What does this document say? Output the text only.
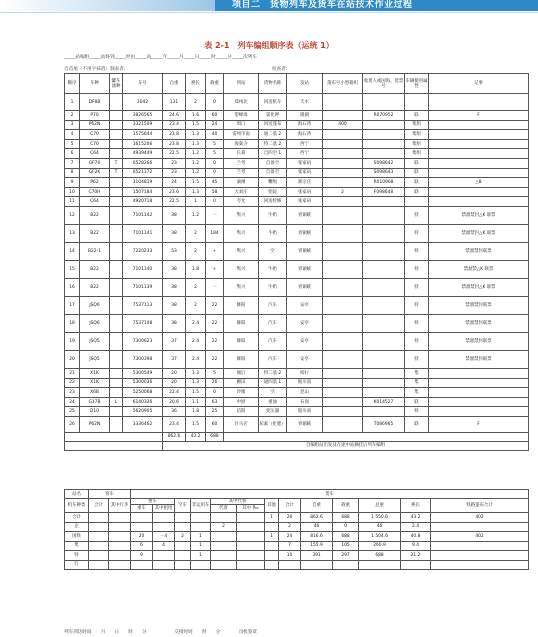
项目二　货物列车及货车在站技术作业过程
表 2-1　列车编组顺序表（运统 1）
_____站编组_____站终到_____经由_____站_____年_____月_____日_____时_____分_____次列车
自首尾（不用字抹消）制表者：	检查者：
顺序	车种	罐车油种	车号	自重	换长	载重	到站	货物名称	发站	蓬布号小型箱织	收货人或国海、货票号	车辆使用属性	记事
1	DF8B		3042	131	2	0	郑州北	回送机车	天水				
2	P70		3826565	24.6	1.6	60	望峰岗	氯化钾	隆湖		R070952	联	F
3	P62N		3321509	23.4	1.5	24	周口	回送蓬布	海石湾	400		集组	
4	C70		1575644	23.8	1.3	40	雷州市南	通二基 2	海石湾			集组	
5	C70		1615206	23.8	1.3	5	海棠寺	特二基 2	西宁			集组	
6	C64		4939449	22.5	1.2	5	长葛	自四空 1	西宁			集组	
7	GF70	T	0528266	23	1.2	0	兰考	自备空	张家码		S098642	联	
8	GF2K	T	0521172	23	1.2	0	兰考	自备空	张家码		S098643	联	
9	P62		3104819	24	1.5	45	滴闸	鞭炮	寨宗庄		R010968	联	△8
10	C70H		1507184	23.6	1.3	58	大刘庄	铝锭	张家码	2	F098648	联	
11	C64		4920718	22.5	1	0	夸允	回送检修	张家码				
12	B22		7101142	38	1.2	一	隽兴	牛奶	青铜峡			特	禁溜禁封△K 联票
13	B22		7101141	38	2	184	隽兴	牛奶	青铜峡			特	禁溜禁封△K 联票
14	B22-1		7220233	53	2	+	隽兴	空	青铜峡			特	禁溜禁封联票
15	B22		7101140	38	1.8	+	隽兴	牛奶	青铜峡			特	禁溜禁△K 联票
16	B22		7101139	38	2	一	隽兴	牛奶	青铜峡			特	禁溜禁封△K 联票
17	JSQ6		7537113	38	2	22	舞阳	汽车	安亭			特	禁溜禁封联票
18	JSQ6		7537108	38	2.4	22	舞阳	汽车	安亭			特	禁溜禁封联票
19	JSQ5		7300623	37	2.4	22	舞阳	汽车	安亭			特	禁溜禁封联票
20	JSQ5		7300398	37	2.4	22	舞阳	汽车	安亭			特	禁溜禁封联票
21	X1K		5300549	20	1.3	5	闻后	特二基 2	闻行			集	
22	X1K		5300036	20	1.3	26	圃田	通四基 1	银川南			集	
23	X6B		5250068	22.4	1.5	0	沙塘	空	昆山			集	
24	G17B	L	6140326	20.6	1.1	63	中原	重油	石岗		K014527	联	
25	D10		5620905	36	1.8	25	信阳	变压器	银川南			特	
26	P62N		3336462	23.4	1.5	60	甘马店	尿素（化肥）	青铜峡		T086965	联	F
				862.6	43.2	688							
				自编组站出发及在途中站摘挂后列车编组									
站名	客车		货车												
机车种类	合计	其中行李	重车		空车	非运用车	其中代客		其他	合计	自重	载重	总重	换长	铁路篷布合计
			重车	其中租用			代客	其中 P₆₅							

合计									1	26	862.6	688	1 550.6	43.2	402
企							2			2	46	0	46	2.4	
国铁			20	－4	2	1			1	24	816.6	688	1 504.6	40.8	402
集			6	4		1				7	155.9	105	260.9	9.4	
特			9			1				10	391	297	688	21.2	
行															
列车到达时间　　月　　日　　时　　分　　　　　　交接时间　　时　　分　　　　司机签章
